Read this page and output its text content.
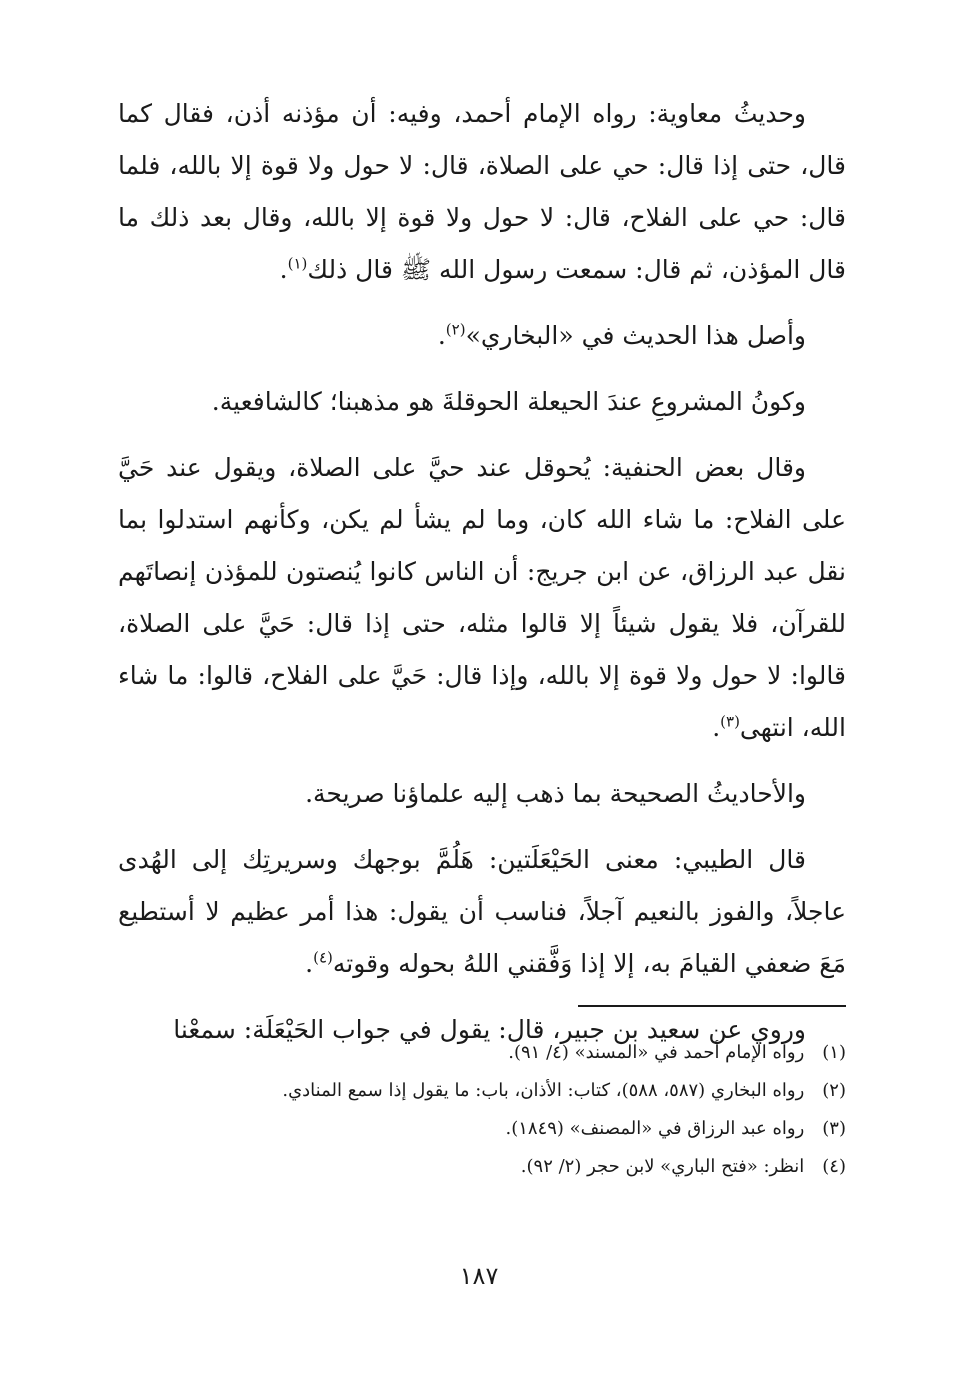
وحديثُ معاوية: رواه الإمام أحمد، وفيه: أن مؤذنه أذن، فقال كما قال، حتى إذا قال: حي على الصلاة، قال: لا حول ولا قوة إلا بالله، فلما قال: حي على الفلاح، قال: لا حول ولا قوة إلا بالله، وقال بعد ذلك ما قال المؤذن، ثم قال: سمعت رسول الله ﷺ قال ذلك$^{(١)}$.

وأصل هذا الحديث في «البخاري»$^{(٢)}$.

وكونُ المشروعِ عندَ الحيعلة الحوقلةَ هو مذهبنا؛ كالشافعية.

وقال بعض الحنفية: يُحوقل عند حيَّ على الصلاة، ويقول عند حَيَّ على الفلاح: ما شاء الله كان، وما لم يشأ لم يكن، وكأنهم استدلوا بما نقل عبد الرزاق، عن ابن جريج: أن الناس كانوا يُنصتون للمؤذن إنصاتَهم للقرآن، فلا يقول شيئاً إلا قالوا مثله، حتى إذا قال: حَيَّ على الصلاة، قالوا: لا حول ولا قوة إلا بالله، وإذا قال: حَيَّ على الفلاح، قالوا: ما شاء الله، انتهى$^{(٣)}$.

والأحاديثُ الصحيحة بما ذهب إليه علماؤنا صريحة.

قال الطيبي: معنى الحَيْعَلَتين: هَلُمَّ بوجهك وسريرتِك إلى الهُدى عاجلاً، والفوز بالنعيم آجلاً، فناسب أن يقول: هذا أمر عظيم لا أستطيع مَعَ ضعفي القيامَ به، إلا إذا وَفَّقني اللهُ بحوله وقوته$^{(٤)}$.

وروي عن سعيد بن جبير، قال: يقول في جواب الحَيْعَلَة: سمعْنا

(١) رواه الإمام أحمد في «المسند» (٤/ ٩١).
(٢) رواه البخاري (٥٨٧، ٥٨٨)، كتاب: الأذان، باب: ما يقول إذا سمع المنادي.
(٣) رواه عبد الرزاق في «المصنف» (١٨٤٩).
(٤) انظر: «فتح الباري» لابن حجر (٢/ ٩٢).
١٨٧
